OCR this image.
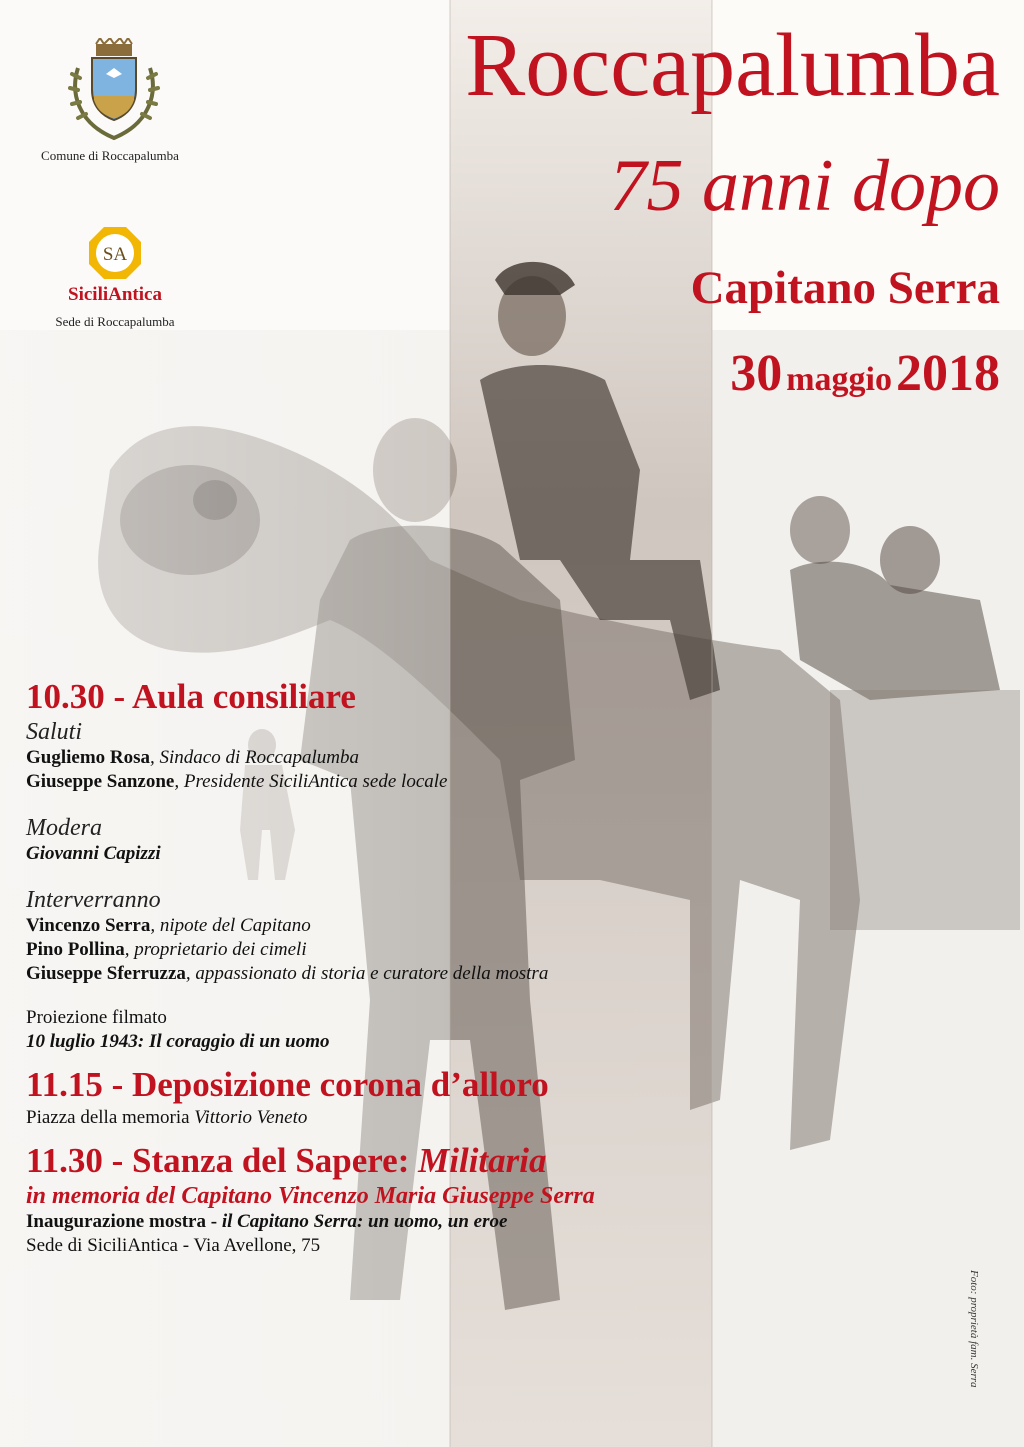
Comune di Roccapalumba
SA
SiciliAntica
Sede di Roccapalumba
Roccapalumba
75 anni dopo
Capitano Serra
30 maggio 2018
10.30 - Aula consiliare
Saluti
Gugliemo Rosa, Sindaco di Roccapalumba
Giuseppe Sanzone, Presidente SiciliAntica sede locale
Modera
Giovanni Capizzi
Interverranno
Vincenzo Serra, nipote del Capitano
Pino Pollina, proprietario dei cimeli
Giuseppe Sferruzza, appassionato di storia e curatore della mostra
Proiezione filmato
10 luglio 1943: Il coraggio di un uomo
11.15 - Deposizione corona d’alloro
Piazza della memoria Vittorio Veneto
11.30 - Stanza del Sapere: Militaria
in memoria del Capitano Vincenzo Maria Giuseppe Serra
Inaugurazione mostra - il Capitano Serra: un uomo, un eroe
Sede di SiciliAntica - Via Avellone, 75
Foto: proprietà fam. Serra
